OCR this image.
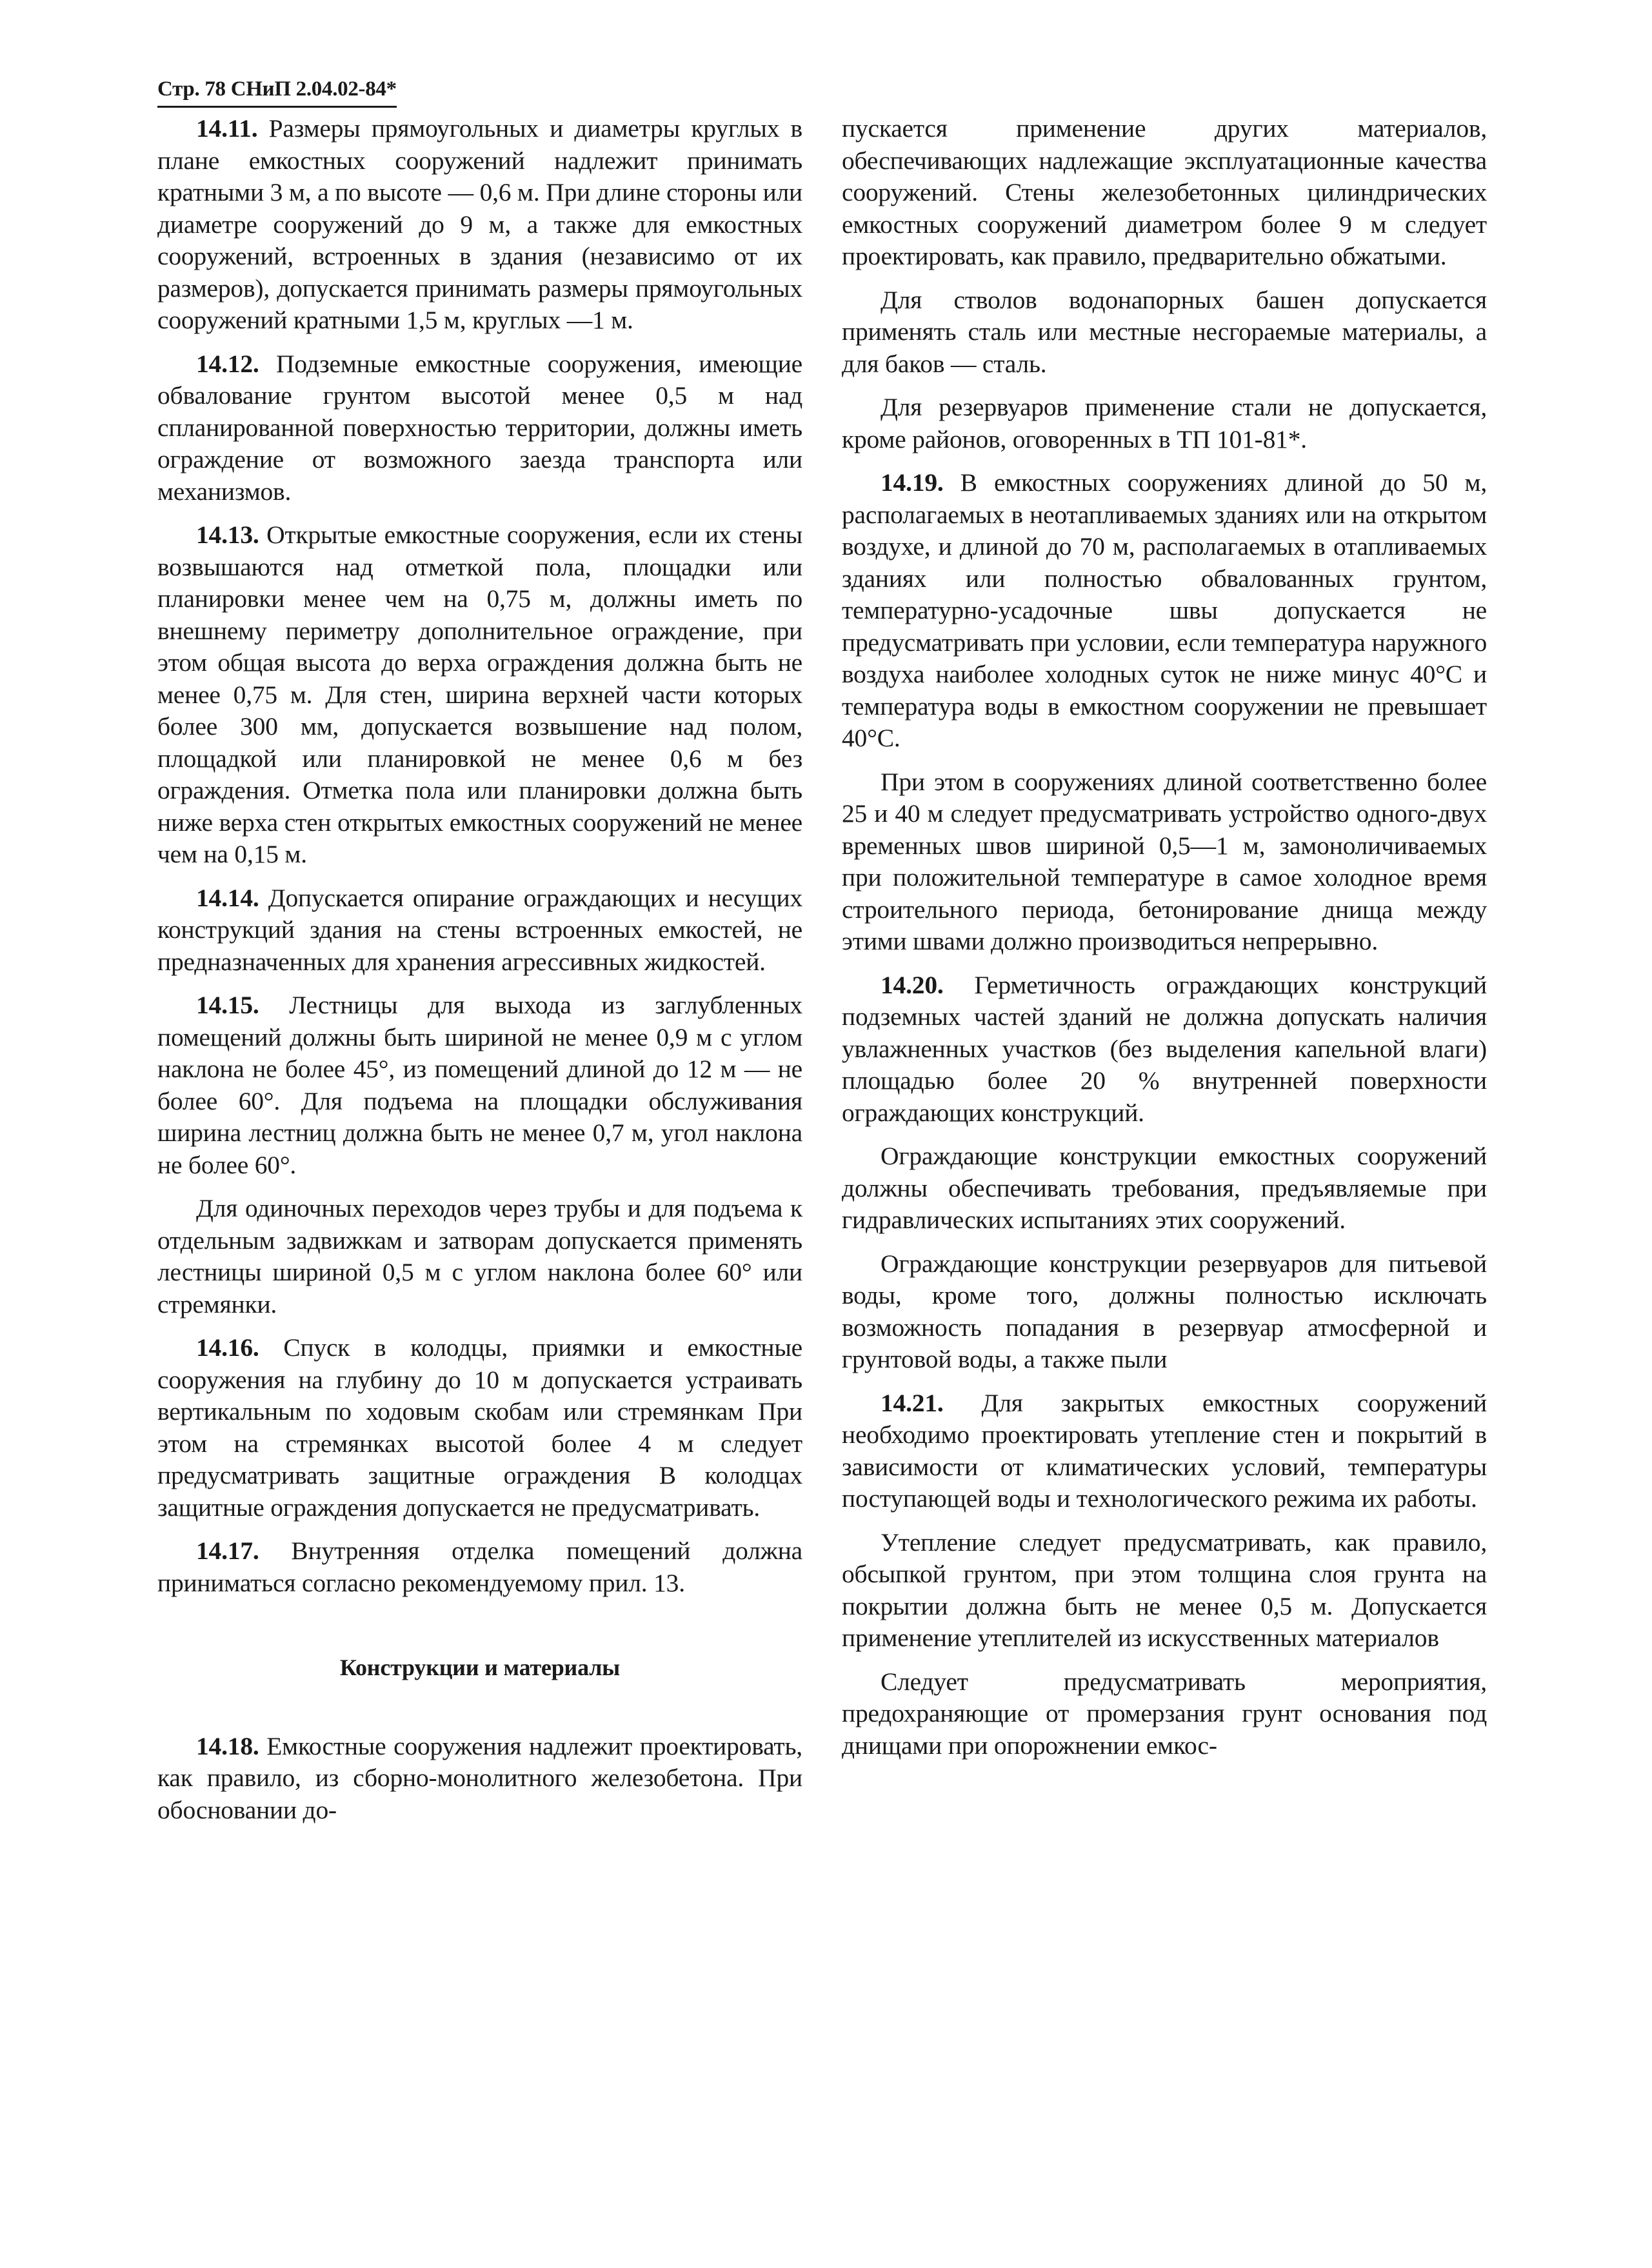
Стр. 78 СНиП 2.04.02-84*

14.11. Размеры прямоугольных и диаметры круглых в плане емкостных сооружений надлежит принимать кратными 3 м, а по высоте — 0,6 м. При длине стороны или диаметре сооружений до 9 м, а также для емкостных сооружений, встроенных в здания (независимо от их размеров), допускается принимать размеры прямоугольных сооружений кратными 1,5 м, круглых —1 м.

14.12. Подземные емкостные сооружения, имеющие обвалование грунтом высотой менее 0,5 м над спланированной поверхностью территории, должны иметь ограждение от возможного заезда транспорта или механизмов.

14.13. Открытые емкостные сооружения, если их стены возвышаются над отметкой пола, площадки или планировки менее чем на 0,75 м, должны иметь по внешнему периметру дополнительное ограждение, при этом общая высота до верха ограждения должна быть не менее 0,75 м. Для стен, ширина верхней части которых более 300 мм, допускается возвышение над полом, площадкой или планировкой не менее 0,6 м без ограждения. Отметка пола или планировки должна быть ниже верха стен открытых емкостных сооружений не менее чем на 0,15 м.

14.14. Допускается опирание ограждающих и несущих конструкций здания на стены встроенных емкостей, не предназначенных для хранения агрессивных жидкостей.

14.15. Лестницы для выхода из заглубленных помещений должны быть шириной не менее 0,9 м с углом наклона не более 45°, из помещений длиной до 12 м — не более 60°. Для подъема на площадки обслуживания ширина лестниц должна быть не менее 0,7 м, угол наклона не более 60°.

Для одиночных переходов через трубы и для подъема к отдельным задвижкам и затворам допускается применять лестницы шириной 0,5 м с углом наклона более 60° или стремянки.

14.16. Спуск в колодцы, приямки и емкостные сооружения на глубину до 10 м допускается устраивать вертикальным по ходовым скобам или стремянкам При этом на стремянках высотой более 4 м следует предусматривать защитные ограждения В колодцах защитные ограждения допускается не предусматривать.

14.17. Внутренняя отделка помещений должна приниматься согласно рекомендуемому прил. 13.

Конструкции и материалы

14.18. Емкостные сооружения надлежит проектировать, как правило, из сборно-монолитного железобетона. При обосновании до-

пускается применение других материалов, обеспечивающих надлежащие эксплуатационные качества сооружений. Стены железобетонных цилиндрических емкостных сооружений диаметром более 9 м следует проектировать, как правило, предварительно обжатыми.

Для стволов водонапорных башен допускается применять сталь или местные несгораемые материалы, а для баков — сталь.

Для резервуаров применение стали не допускается, кроме районов, оговоренных в ТП 101-81*.

14.19. В емкостных сооружениях длиной до 50 м, располагаемых в неотапливаемых зданиях или на открытом воздухе, и длиной до 70 м, располагаемых в отапливаемых зданиях или полностью обвалованных грунтом, температурно-усадочные швы допускается не предусматривать при условии, если температура наружного воздуха наиболее холодных суток не ниже минус 40°С и температура воды в емкостном сооружении не превышает 40°С.

При этом в сооружениях длиной соответственно более 25 и 40 м следует предусматривать устройство одного-двух временных швов шириной 0,5—1 м, замоноличиваемых при положительной температуре в самое холодное время строительного периода, бетонирование днища между этими швами должно производиться непрерывно.

14.20. Герметичность ограждающих конструкций подземных частей зданий не должна допускать наличия увлажненных участков (без выделения капельной влаги) площадью более 20 % внутренней поверхности ограждающих конструкций.

Ограждающие конструкции емкостных сооружений должны обеспечивать требования, предъявляемые при гидравлических испытаниях этих сооружений.

Ограждающие конструкции резервуаров для питьевой воды, кроме того, должны полностью исключать возможность попадания в резервуар атмосферной и грунтовой воды, а также пыли

14.21. Для закрытых емкостных сооружений необходимо проектировать утепление стен и покрытий в зависимости от климатических условий, температуры поступающей воды и технологического режима их работы.

Утепление следует предусматривать, как правило, обсыпкой грунтом, при этом толщина слоя грунта на покрытии должна быть не менее 0,5 м. Допускается применение утеплителей из искусственных материалов

Следует предусматривать мероприятия, предохраняющие от промерзания грунт основания под днищами при опорожнении емкос-
